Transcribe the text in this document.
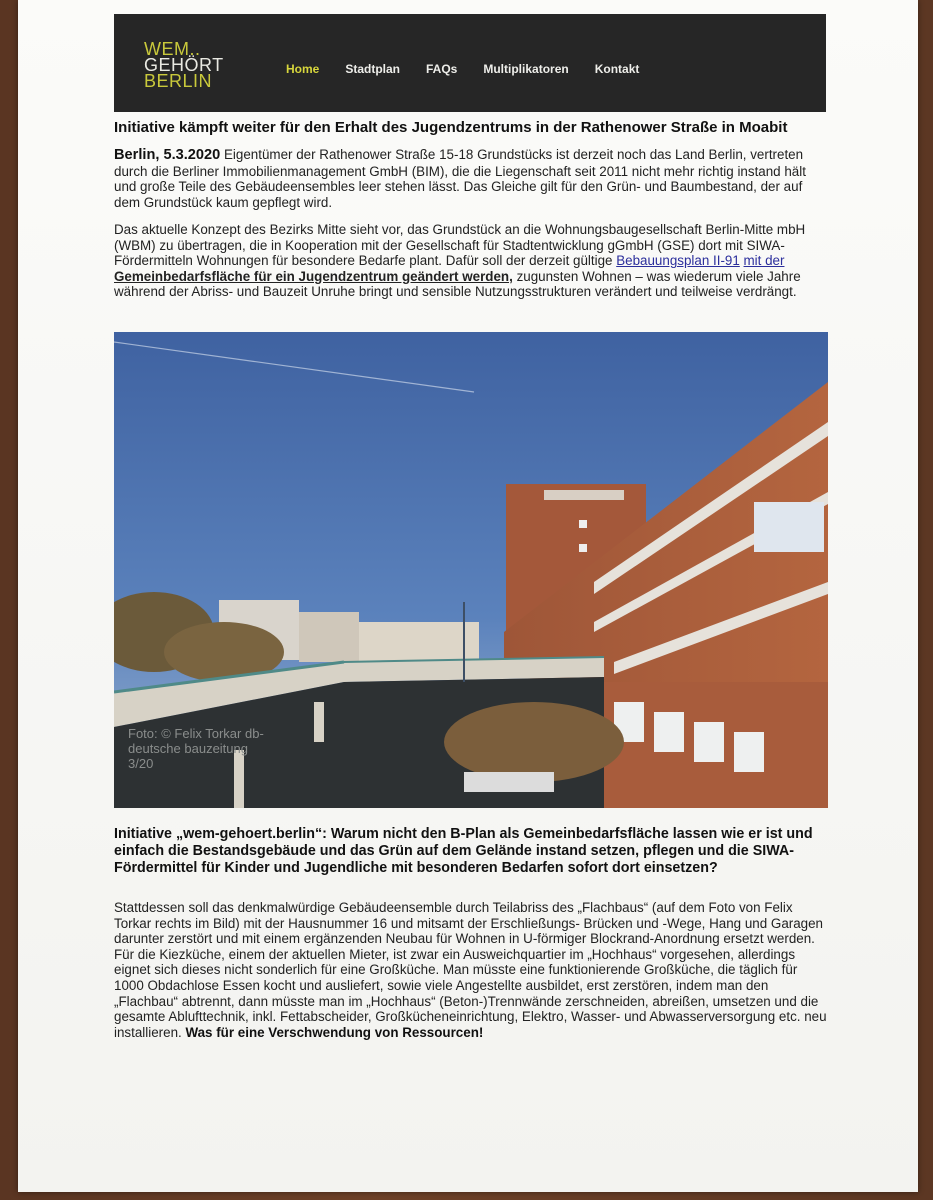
WEM..
GEHÖRT
BERLIN
Home Stadtplan FAQs Multiplikatoren Kontakt
Initiative kämpft weiter für den Erhalt des Jugendzentrums in der Rathenower Straße in Moabit
Berlin, 5.3.2020 Eigentümer der Rathenower Straße 15-18 Grundstücks ist derzeit noch das Land Berlin, vertreten durch die Berliner Immobilienmanagement GmbH (BIM), die die Liegenschaft seit 2011 nicht mehr richtig instand hält und große Teile des Gebäudeensembles leer stehen lässt. Das Gleiche gilt für den Grün- und Baumbestand, der auf dem Grundstück kaum gepflegt wird.
Das aktuelle Konzept des Bezirks Mitte sieht vor, das Grundstück an die Wohnungsbaugesellschaft Berlin-Mitte mbH (WBM) zu übertragen, die in Kooperation mit der Gesellschaft für Stadtentwicklung gGmbH (GSE) dort mit SIWA-Fördermitteln Wohnungen für besondere Bedarfe plant. Dafür soll der derzeit gültige Bebauungsplan II-91 mit der Gemeinbedarfsfläche für ein Jugendzentrum geändert werden, zugunsten Wohnen – was wiederum viele Jahre während der Abriss- und Bauzeit Unruhe bringt und sensible Nutzungsstrukturen verändert und teilweise verdrängt.
Foto: © Felix Torkar db- deutsche bauzeitung 3/20
Initiative „wem-gehoert.berlin“: Warum nicht den B-Plan als Gemeinbedarfsfläche lassen wie er ist und einfach die Bestandsgebäude und das Grün auf dem Gelände instand setzen, pflegen und die SIWA-Fördermittel für Kinder und Jugendliche mit besonderen Bedarfen sofort dort einsetzen?
Stattdessen soll das denkmalwürdige Gebäudeensemble durch Teilabriss des „Flachbaus“ (auf dem Foto von Felix Torkar rechts im Bild) mit der Hausnummer 16 und mitsamt der Erschließungs- Brücken und -Wege, Hang und Garagen darunter zerstört und mit einem ergänzenden Neubau für Wohnen in U-förmiger Blockrand-Anordnung ersetzt werden. Für die Kiezküche, einem der aktuellen Mieter, ist zwar ein Ausweichquartier im „Hochhaus“ vorgesehen, allerdings eignet sich dieses nicht sonderlich für eine Großküche. Man müsste eine funktionierende Großküche, die täglich für 1000 Obdachlose Essen kocht und ausliefert, sowie viele Angestellte ausbildet, erst zerstören, indem man den „Flachbau“ abtrennt, dann müsste man im „Hochhaus“ (Beton-)Trennwände zerschneiden, abreißen, umsetzen und die gesamte Ablufttechnik, inkl. Fettabscheider, Großkücheneinrichtung, Elektro, Wasser- und Abwasserversorgung etc. neu installieren. Was für eine Verschwendung von Ressourcen!
